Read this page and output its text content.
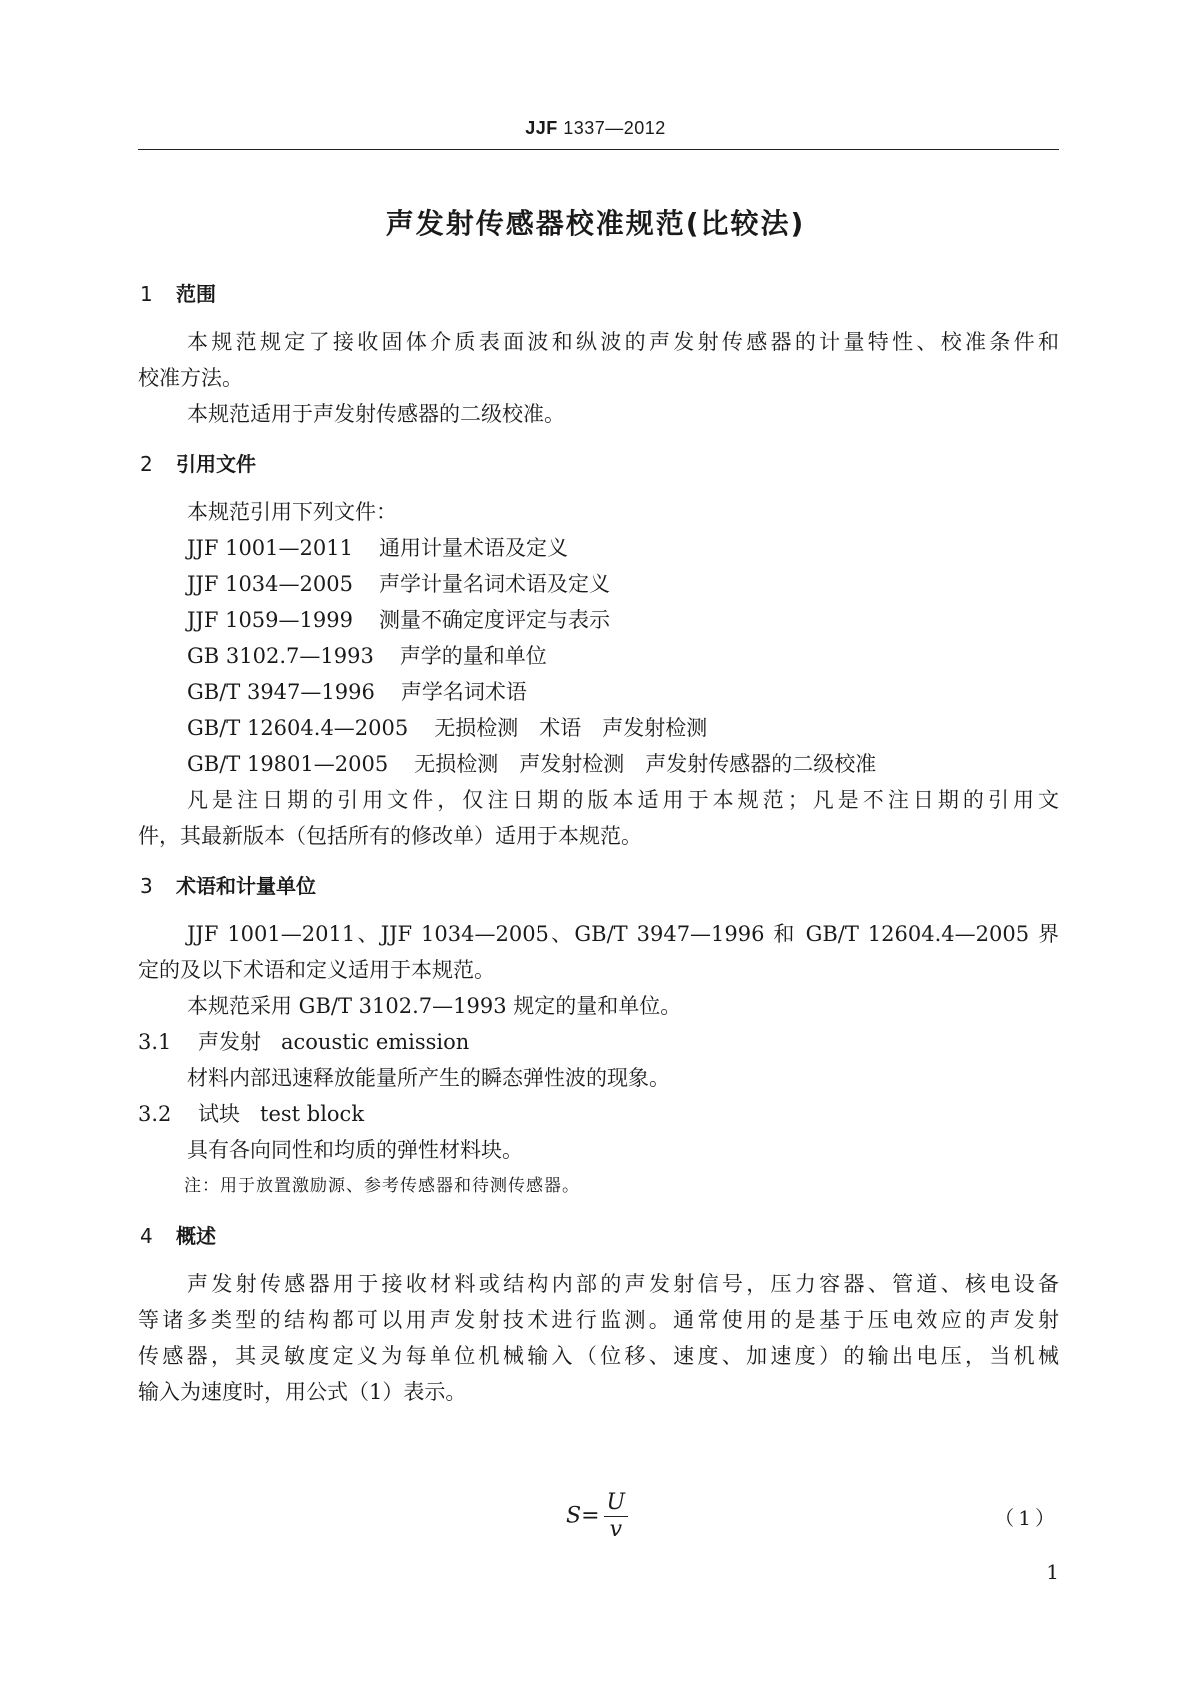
JJF 1337—2012
声发射传感器校准规范(比较法)
1 范围
本规范规定了接收固体介质表面波和纵波的声发射传感器的计量特性、校准条件和
校准方法。
本规范适用于声发射传感器的二级校准。
2 引用文件
本规范引用下列文件：
JJF 1001—2011 通用计量术语及定义
JJF 1034—2005 声学计量名词术语及定义
JJF 1059—1999 测量不确定度评定与表示
GB 3102.7—1993 声学的量和单位
GB/T 3947—1996 声学名词术语
GB/T 12604.4—2005 无损检测　术语　声发射检测
GB/T 19801—2005 无损检测　声发射检测　声发射传感器的二级校准
凡是注日期的引用文件，仅注日期的版本适用于本规范；凡是不注日期的引用文
件，其最新版本（包括所有的修改单）适用于本规范。
3 术语和计量单位
JJF 1001—2011、JJF 1034—2005、GB/T 3947—1996 和 GB/T 12604.4—2005 界
定的及以下术语和定义适用于本规范。
本规范采用 GB/T 3102.7—1993 规定的量和单位。
3.1 声发射 acoustic emission
材料内部迅速释放能量所产生的瞬态弹性波的现象。
3.2 试块 test block
具有各向同性和均质的弹性材料块。
注：用于放置激励源、参考传感器和待测传感器。
4 概述
声发射传感器用于接收材料或结构内部的声发射信号，压力容器、管道、核电设备
等诸多类型的结构都可以用声发射技术进行监测。通常使用的是基于压电效应的声发射
传感器，其灵敏度定义为每单位机械输入（位移、速度、加速度）的输出电压，当机械
输入为速度时，用公式（1）表示。
$S= \frac{U}{v}$	（1）
1
